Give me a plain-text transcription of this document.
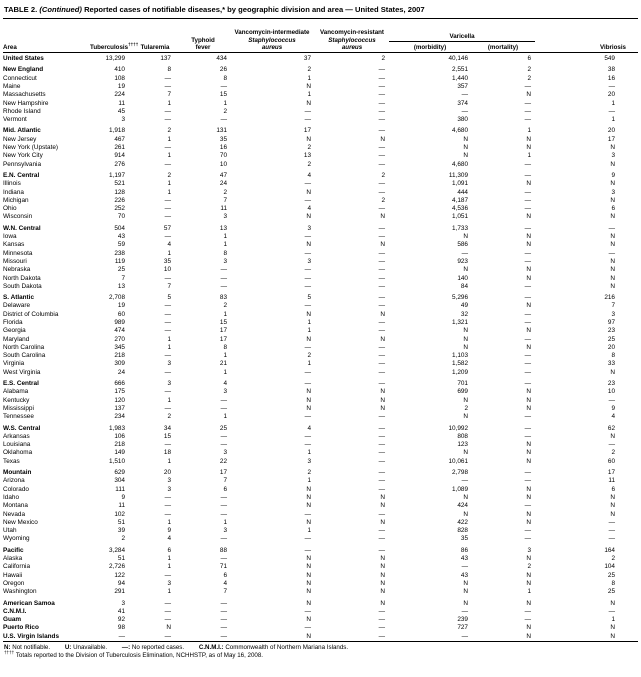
TABLE 2. (Continued) Reported cases of notifiable diseases,* by geographic division and area — United States, 2007
Area	Tuberculosis††††	Tularemia	
Typhoid
fever

Vancomycin-intermediate
Staphylococcus
aureus

Vancomycin-resistant
Staphylococcus
aureus

Varicella
	Vibriosis
						(morbidity)	(mortality)	
United States	13,299	137	434	37	2	40,146	6	549
New England	410	8	26	2	—	2,551	2	38
Connecticut	108	—	8	1	—	1,440	2	16
Maine	19	—	—	N	—	357	—	—
Massachusetts	224	7	15	1	—	—	N	20
New Hampshire	11	1	1	N	—	374	—	1
Rhode Island	45	—	2	—	—	—	—	—
Vermont	3	—	—	—	—	380	—	1
Mid. Atlantic	1,918	2	131	17	—	4,680	1	20
New Jersey	467	1	35	N	N	N	N	17
New York (Upstate)	261	—	16	2	—	N	N	N
New York City	914	1	70	13	—	N	1	3
Pennsylvania	276	—	10	2	—	4,680	—	N
E.N. Central	1,197	2	47	4	2	11,309	—	9
Illinois	521	1	24	—	—	1,091	N	N
Indiana	128	1	2	N	—	444	—	3
Michigan	226	—	7	—	2	4,187	—	N
Ohio	252	—	11	4	—	4,536	—	6
Wisconsin	70	—	3	N	N	1,051	N	N
W.N. Central	504	57	13	3	—	1,733	—	—
Iowa	43	—	1	—	—	N	N	N
Kansas	59	4	1	N	N	586	N	N
Minnesota	238	1	8	—	—	—	—	—
Missouri	119	35	3	3	—	923	—	N
Nebraska	25	10	—	—	—	N	N	N
North Dakota	7	—	—	—	—	140	N	N
South Dakota	13	7	—	—	—	84	—	N
S. Atlantic	2,708	5	83	5	—	5,296	—	216
Delaware	19	—	2	—	—	49	N	7
District of Columbia	60	—	1	N	N	32	—	3
Florida	989	—	15	1	—	1,321	—	97
Georgia	474	—	17	1	—	N	N	23
Maryland	270	1	17	N	N	N	—	25
North Carolina	345	1	8	—	—	N	N	20
South Carolina	218	—	1	2	—	1,103	—	8
Virginia	309	3	21	1	—	1,582	—	33
West Virginia	24	—	1	—	—	1,209	—	N
E.S. Central	666	3	4	—	—	701	—	23
Alabama	175	—	3	N	N	699	N	10
Kentucky	120	1	—	N	N	N	N	—
Mississippi	137	—	—	N	N	2	N	9
Tennessee	234	2	1	—	—	N	—	4
W.S. Central	1,983	34	25	4	—	10,992	—	62
Arkansas	106	15	—	—	—	808	—	N
Louisiana	218	—	—	—	—	123	N	—
Oklahoma	149	18	3	1	—	N	N	2
Texas	1,510	1	22	3	—	10,061	N	60
Mountain	629	20	17	2	—	2,798	—	17
Arizona	304	3	7	1	—	—	—	11
Colorado	111	3	6	N	—	1,089	N	6
Idaho	9	—	—	N	N	N	N	N
Montana	11	—	—	N	N	424	—	N
Nevada	102	—	—	—	—	N	N	N
New Mexico	51	1	1	N	N	422	N	—
Utah	39	9	3	1	—	828	—	—
Wyoming	2	4	—	—	—	35	—	—
Pacific	3,284	6	88	—	—	86	3	164
Alaska	51	1	—	N	N	43	N	2
California	2,726	1	71	N	N	—	2	104
Hawaii	122	—	6	N	N	43	N	25
Oregon	94	3	4	N	N	N	N	8
Washington	291	1	7	N	N	N	1	25
American Samoa	3	—	—	N	N	N	N	N
C.N.M.I.	41	—	—	—	—	—	—	—
Guam	92	—	—	N	—	239	—	1
Puerto Rico	98	N	—	—	—	727	N	N
U.S. Virgin Islands	—	—	—	N	—	—	N	N
N: Not notifiable. U: Unavailable. —: No reported cases. C.N.M.I.: Commonwealth of Northern Mariana Islands.
†††† Totals reported to the Division of Tuberculosis Elimination, NCHHSTP, as of May 16, 2008.
